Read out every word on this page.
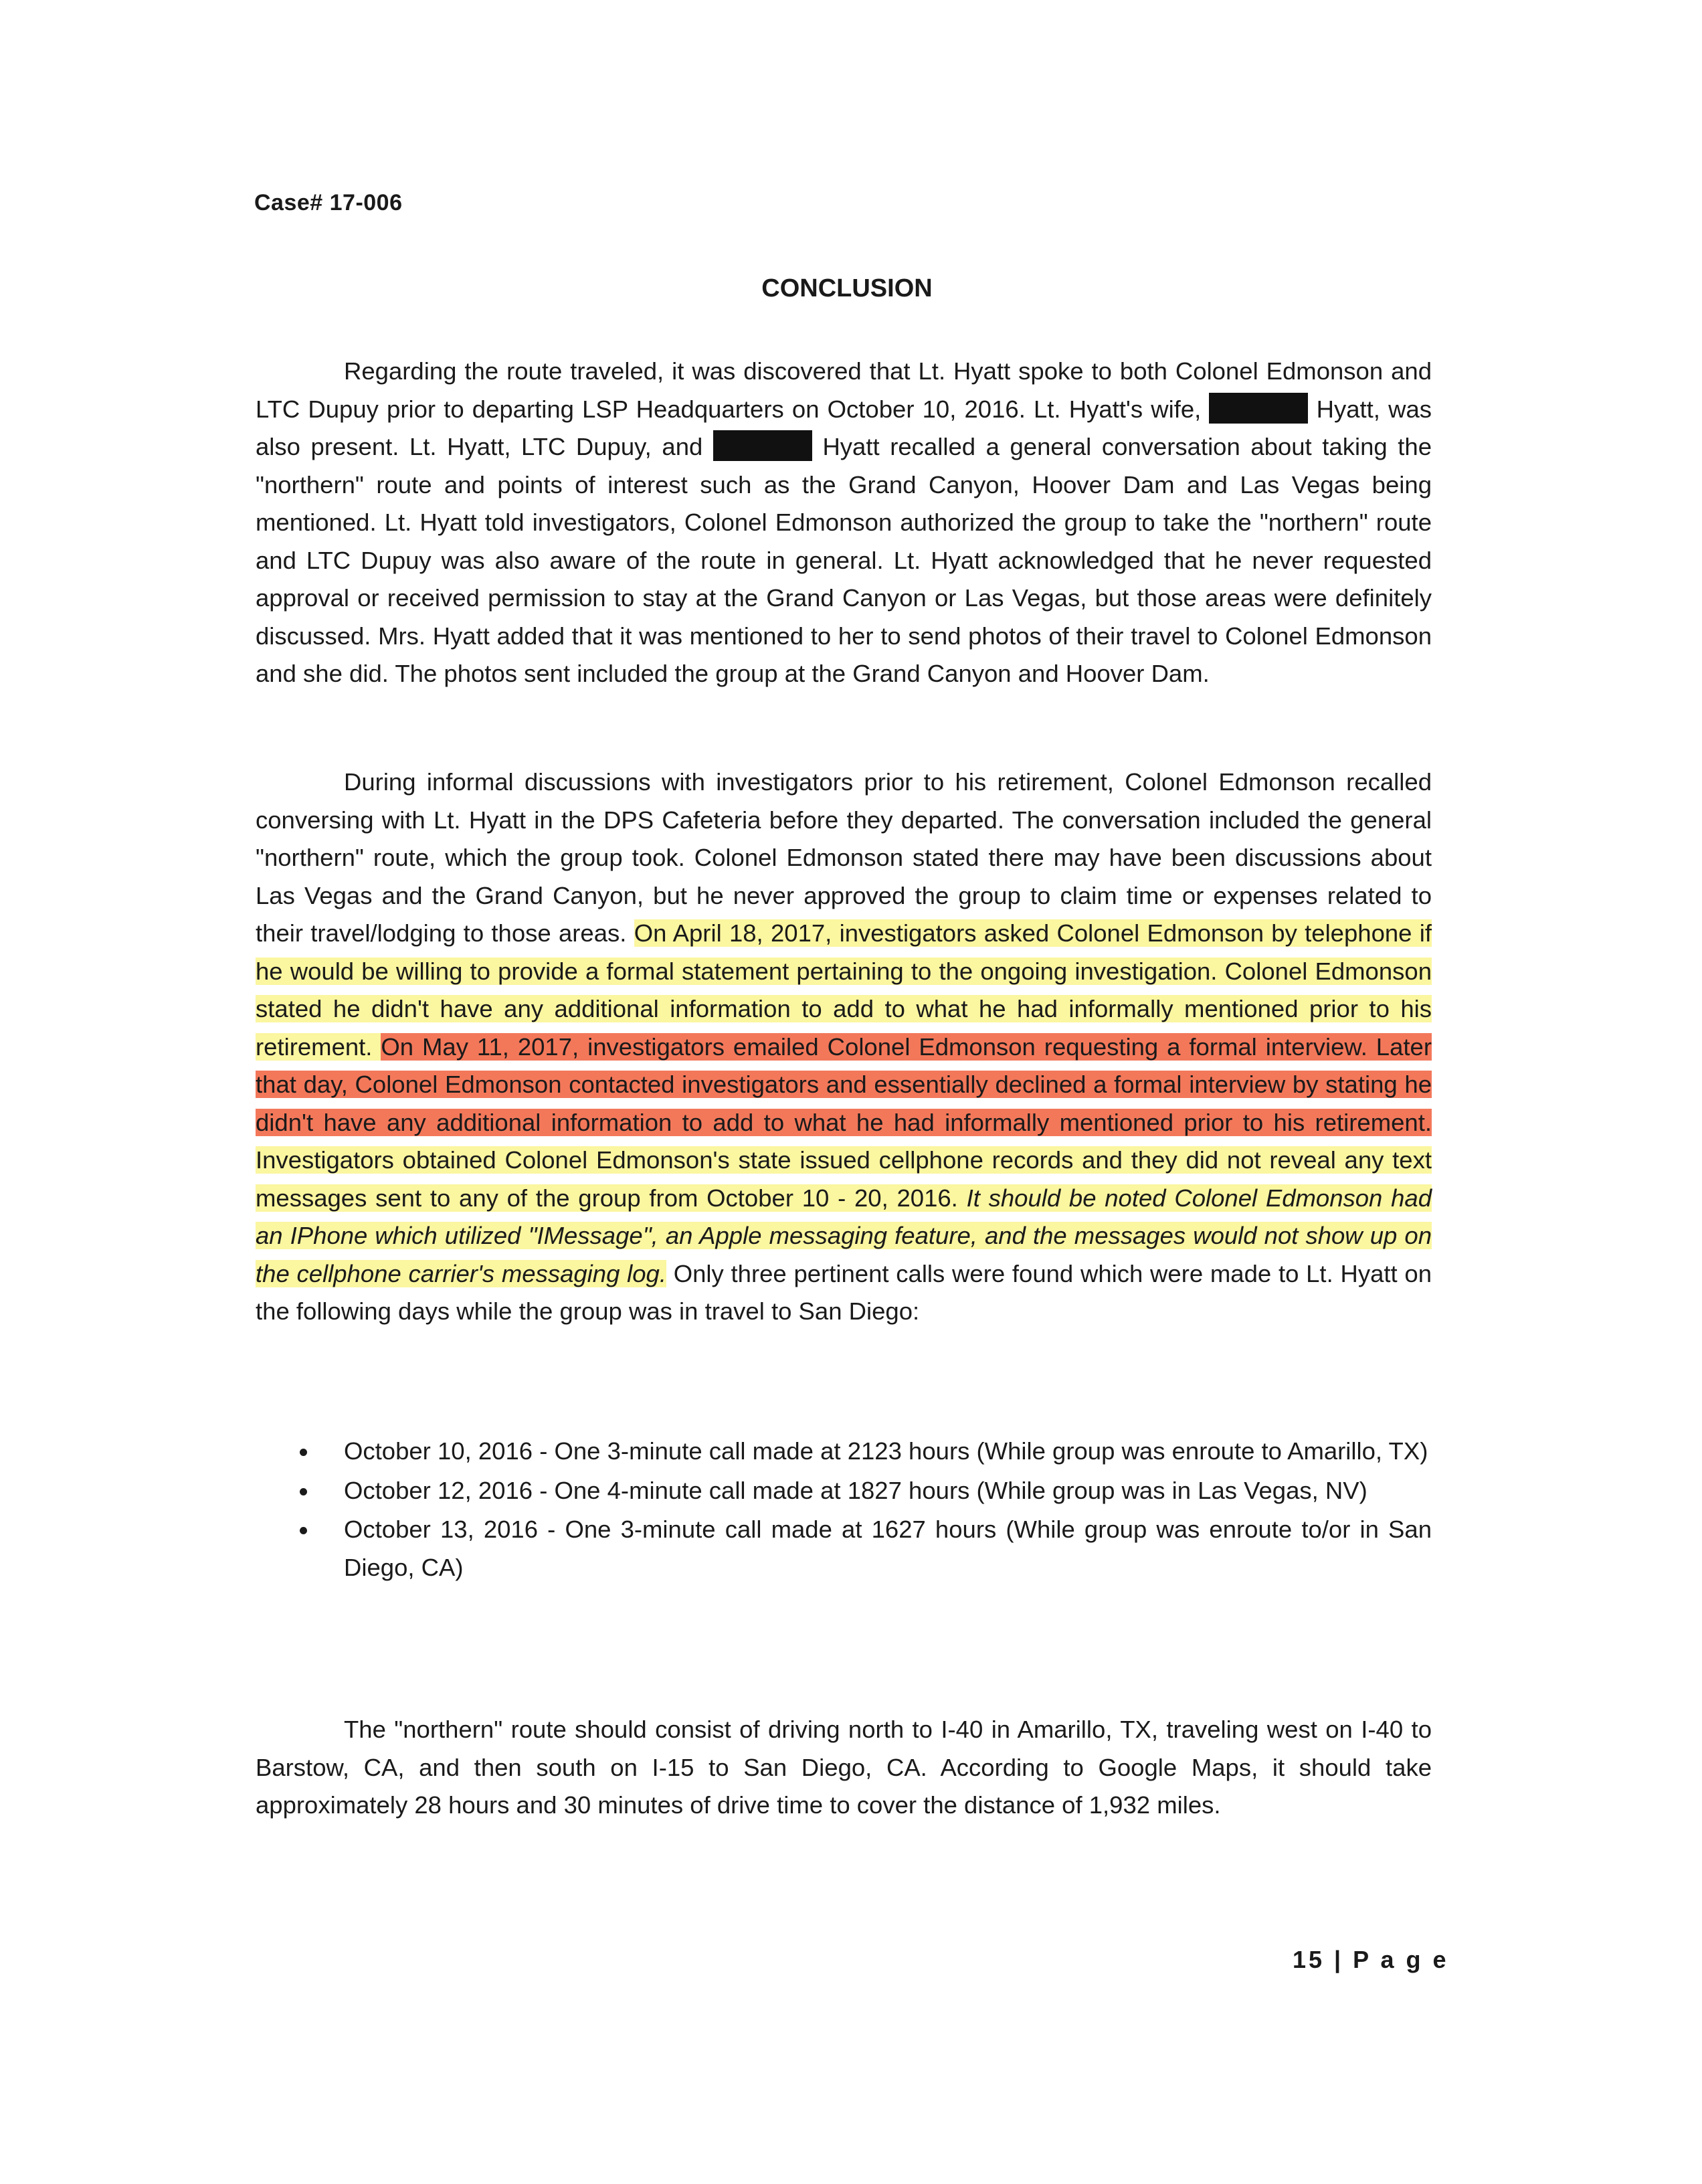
Case# 17-006
CONCLUSION

Regarding the route traveled, it was discovered that Lt. Hyatt spoke to both Colonel Edmonson and LTC Dupuy prior to departing LSP Headquarters on October 10, 2016. Lt. Hyatt's wife,	Hyatt, was also present. Lt. Hyatt, LTC Dupuy, and	Hyatt recalled a general conversation about taking the "northern" route and points of interest such as the Grand Canyon, Hoover Dam and Las Vegas being mentioned. Lt. Hyatt told investigators, Colonel Edmonson authorized the group to take the "northern" route and LTC Dupuy was also aware of the route in general. Lt. Hyatt acknowledged that he never requested approval or received permission to stay at the Grand Canyon or Las Vegas, but those areas were definitely discussed. Mrs. Hyatt added that it was mentioned to her to send photos of their travel to Colonel Edmonson and she did. The photos sent included the group at the Grand Canyon and Hoover Dam.

During informal discussions with investigators prior to his retirement, Colonel Edmonson recalled conversing with Lt. Hyatt in the DPS Cafeteria before they departed. The conversation included the general "northern" route, which the group took. Colonel Edmonson stated there may have been discussions about Las Vegas and the Grand Canyon, but he never approved the group to claim time or expenses related to their travel/lodging to those areas. On April 18, 2017, investigators asked Colonel Edmonson by telephone if he would be willing to provide a formal statement pertaining to the ongoing investigation. Colonel Edmonson stated he didn't have any additional information to add to what he had informally mentioned prior to his retirement. On May 11, 2017, investigators emailed Colonel Edmonson requesting a formal interview. Later that day, Colonel Edmonson contacted investigators and essentially declined a formal interview by stating he didn't have any additional information to add to what he had informally mentioned prior to his retirement. Investigators obtained Colonel Edmonson's state issued cellphone records and they did not reveal any text messages sent to any of the group from October 10 - 20, 2016. It should be noted Colonel Edmonson had an IPhone which utilized "IMessage", an Apple messaging feature, and the messages would not show up on the cellphone carrier's messaging log. Only three pertinent calls were found which were made to Lt. Hyatt on the following days while the group was in travel to San Diego:

October 10, 2016 - One 3-minute call made at 2123 hours (While group was enroute to Amarillo, TX)
October 12, 2016 - One 4-minute call made at 1827 hours (While group was in Las Vegas, NV)
October 13, 2016 - One 3-minute call made at 1627 hours (While group was enroute to/or in San Diego, CA)

The "northern" route should consist of driving north to I-40 in Amarillo, TX, traveling west on I-40 to Barstow, CA, and then south on I-15 to San Diego, CA. According to Google Maps, it should take approximately 28 hours and 30 minutes of drive time to cover the distance of 1,932 miles.

15 | P a g e
